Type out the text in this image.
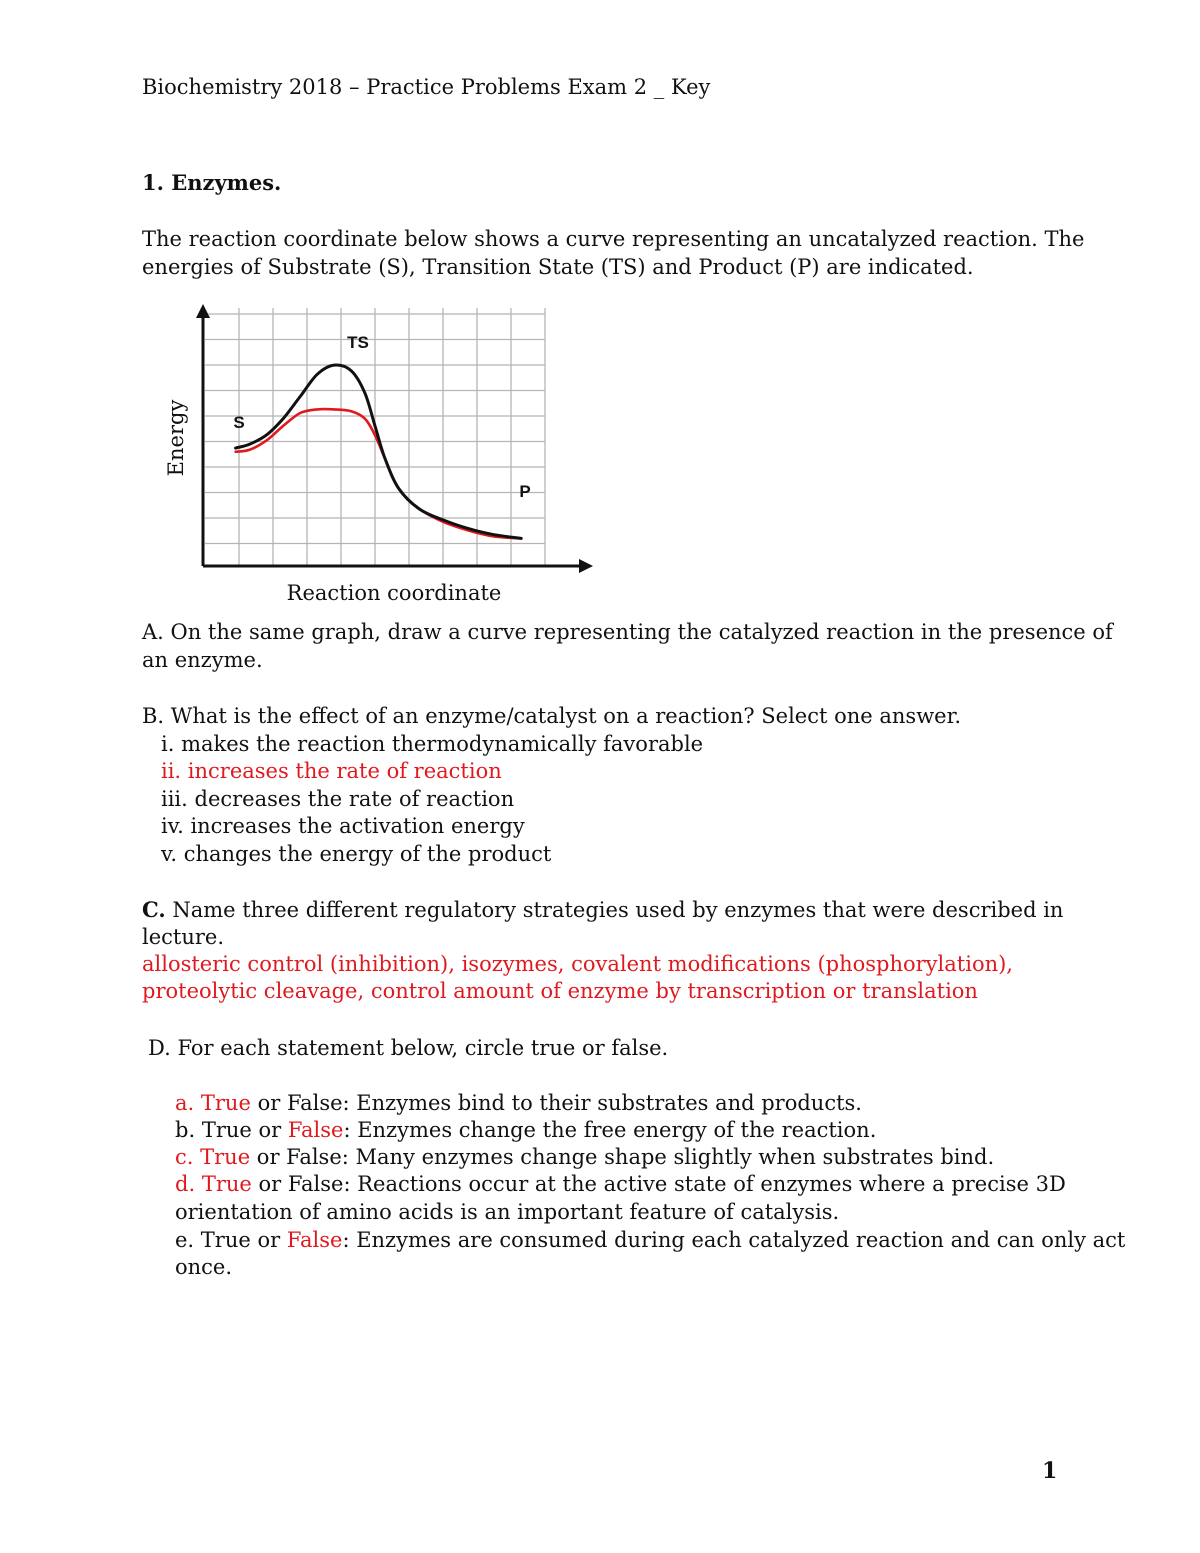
Biochemistry 2018 – Practice Problems Exam 2 _ Key
1. Enzymes.
The reaction coordinate below shows a curve representing an uncatalyzed reaction. The
energies of Substrate (S), Transition State (TS) and Product (P) are indicated.
TS
S
P
Energy
Reaction coordinate
A. On the same graph, draw a curve representing the catalyzed reaction in the presence of
an enzyme.
B. What is the effect of an enzyme/catalyst on a reaction? Select one answer.
i. makes the reaction thermodynamically favorable
ii. increases the rate of reaction
iii. decreases the rate of reaction
iv. increases the activation energy
v. changes the energy of the product
C. Name three different regulatory strategies used by enzymes that were described in
lecture.
allosteric control (inhibition), isozymes, covalent modifications (phosphorylation),
proteolytic cleavage, control amount of enzyme by transcription or translation
D. For each statement below, circle true or false.
a. True or False: Enzymes bind to their substrates and products.
b. True or False: Enzymes change the free energy of the reaction.
c. True or False: Many enzymes change shape slightly when substrates bind.
d. True or False: Reactions occur at the active state of enzymes where a precise 3D
orientation of amino acids is an important feature of catalysis.
e. True or False: Enzymes are consumed during each catalyzed reaction and can only act
once.
1
